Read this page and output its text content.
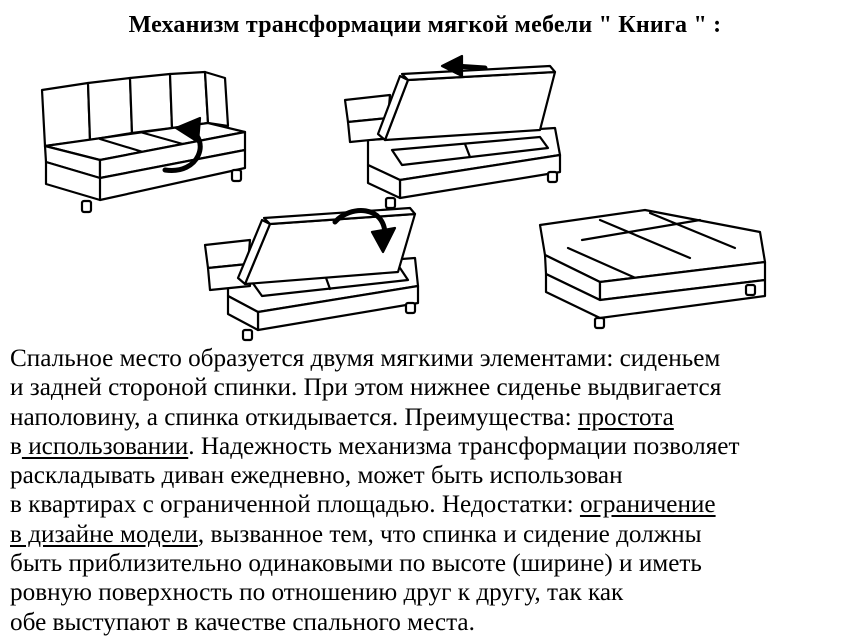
Механизм трансформации мягкой мебели " Книга " :
Спальное место образуется двумя мягкими элементами: сиденьем
и задней стороной спинки. При этом нижнее сиденье выдвигается
наполовину, а спинка откидывается. Преимущества: простота
в использовании. Надежность механизма трансформации позволяет
раскладывать диван ежедневно, может быть использован
в квартирах с ограниченной площадью. Недостатки: ограничение
в дизайне модели, вызванное тем, что спинка и сидение должны
быть приблизительно одинаковыми по высоте (ширине) и иметь
ровную поверхность по отношению друг к другу, так как
обе выступают в качестве спального места.
